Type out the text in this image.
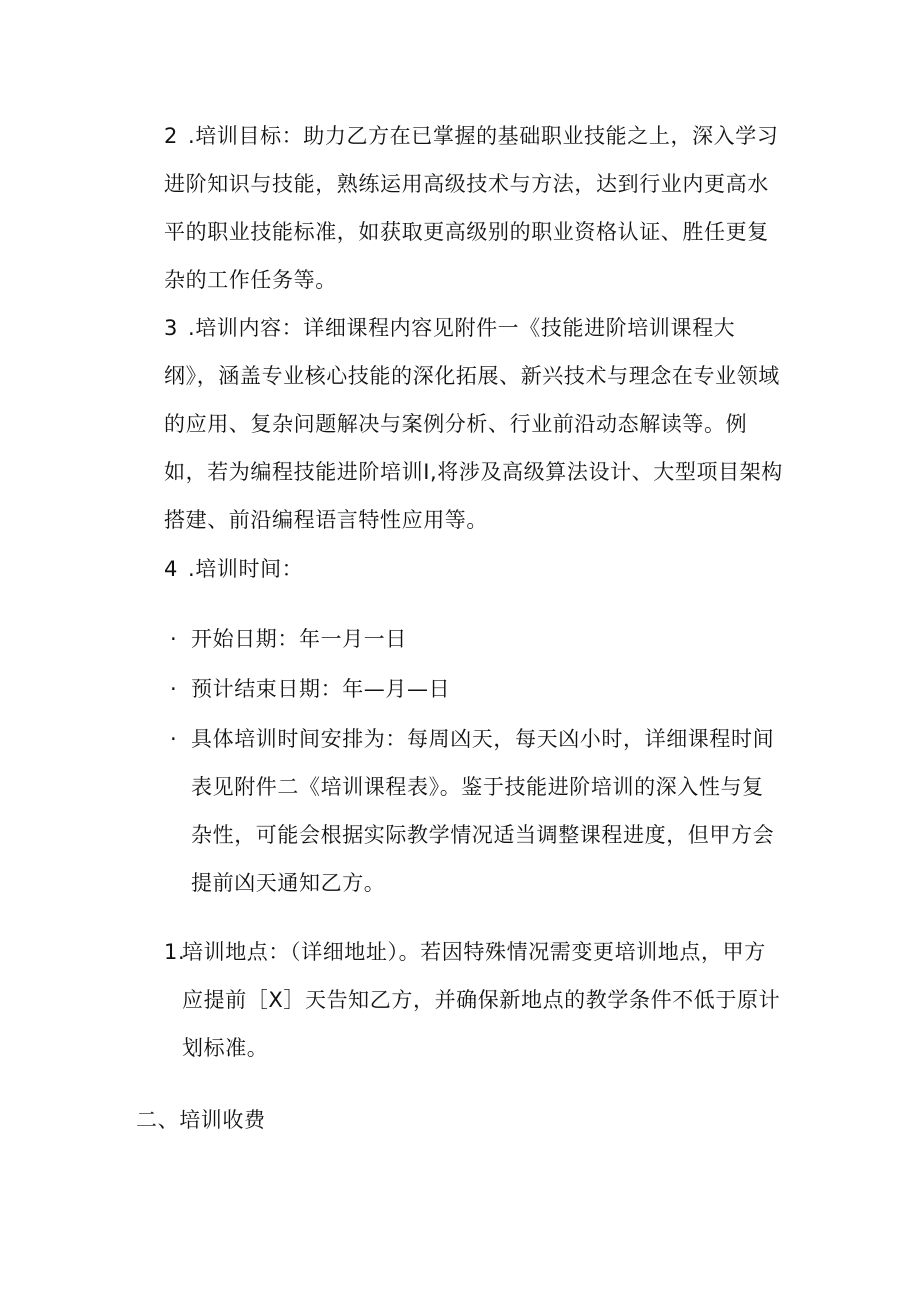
2 .培训目标：助力乙方在已掌握的基础职业技能之上，深入学习进阶知识与技能，熟练运用高级技术与方法，达到行业内更高水平的职业技能标准，如获取更高级别的职业资格认证、胜任更复杂的工作任务等。
3 .培训内容：详细课程内容见附件一《技能进阶培训课程大纲》，涵盖专业核心技能的深化拓展、新兴技术与理念在专业领域的应用、复杂问题解决与案例分析、行业前沿动态解读等。例如，若为编程技能进阶培训I,将涉及高级算法设计、大型项目架构搭建、前沿编程语言特性应用等。
4 .培训时间：
· 开始日期：年一月一日
· 预计结束日期：年—月—日
· 具体培训时间安排为：每周凶天，每天凶小时，详细课程时间表见附件二《培训课程表》。鉴于技能进阶培训的深入性与复杂性，可能会根据实际教学情况适当调整课程进度，但甲方会提前凶天通知乙方。
1.
培训地点：（详细地址）。若因特殊情况需变更培训地点，甲方应提前［X］天告知乙方，并确保新地点的教学条件不低于原计划标准。
二、培训收费
